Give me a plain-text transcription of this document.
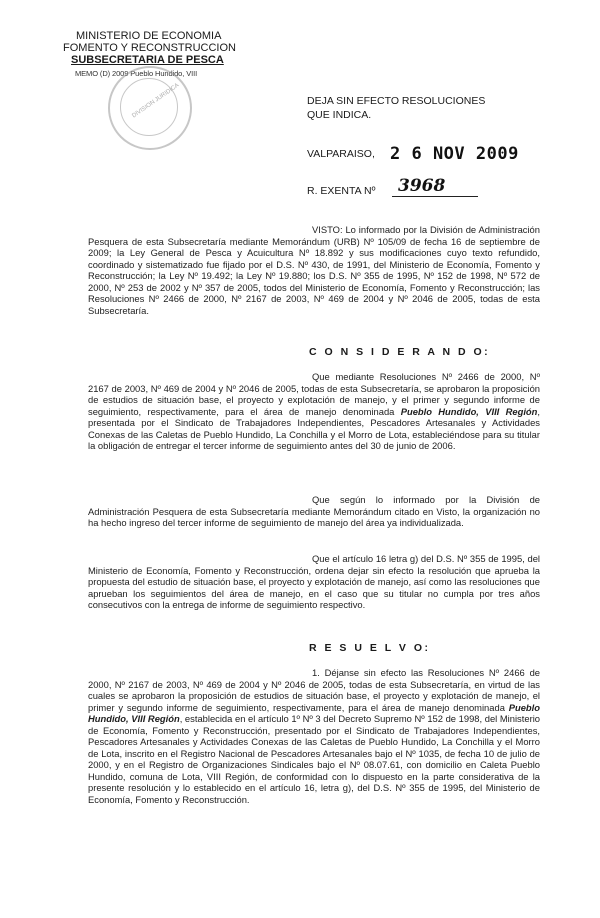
MINISTERIO DE ECONOMIA
FOMENTO Y RECONSTRUCCION
SUBSECRETARIA DE PESCA
MEMO (D) 2009 Pueblo Hundido, VIII
DIVISION JURIDICA	DEJA SIN EFECTO RESOLUCIONES QUE INDICA.
VALPARAISO, 2 6 NOV 2009
R. EXENTA Nº 3968
VISTO: Lo informado por la División de Administración Pesquera de esta Subsecretaría mediante Memorándum (URB) Nº 105/09 de fecha 16 de septiembre de 2009; la Ley General de Pesca y Acuicultura Nº 18.892 y sus modificaciones cuyo texto refundido, coordinado y sistematizado fue fijado por el D.S. Nº 430, de 1991, del Ministerio de Economía, Fomento y Reconstrucción; la Ley Nº 19.492; la Ley Nº 19.880; los D.S. Nº 355 de 1995, Nº 152 de 1998, Nº 572 de 2000, Nº 253 de 2002 y Nº 357 de 2005, todos del Ministerio de Economía, Fomento y Reconstrucción; las Resoluciones Nº 2466 de 2000, Nº 2167 de 2003, Nº 469 de 2004 y Nº 2046 de 2005, todas de esta Subsecretaría.
C O N S I D E R A N D O:
Que mediante Resoluciones Nº 2466 de 2000, Nº 2167 de 2003, Nº 469 de 2004 y Nº 2046 de 2005, todas de esta Subsecretaría, se aprobaron la proposición de estudios de situación base, el proyecto y explotación de manejo, y el primer y segundo informe de seguimiento, respectivamente, para el área de manejo denominada Pueblo Hundido, VIII Región, presentada por el Sindicato de Trabajadores Independientes, Pescadores Artesanales y Actividades Conexas de las Caletas de Pueblo Hundido, La Conchilla y el Morro de Lota, estableciéndose para su titular la obligación de entregar el tercer informe de seguimiento antes del 30 de junio de 2006.
Que según lo informado por la División de Administración Pesquera de esta Subsecretaría mediante Memorándum citado en Visto, la organización no ha hecho ingreso del tercer informe de seguimiento de manejo del área ya individualizada.
Que el artículo 16 letra g) del D.S. Nº 355 de 1995, del Ministerio de Economía, Fomento y Reconstrucción, ordena dejar sin efecto la resolución que aprueba la propuesta del estudio de situación base, el proyecto y explotación de manejo, así como las resoluciones que aprueban los seguimientos del área de manejo, en el caso que su titular no cumpla por tres años consecutivos con la entrega de informe de seguimiento respectivo.
R E S U E L V O:
1. Déjanse sin efecto las Resoluciones Nº 2466 de 2000, Nº 2167 de 2003, Nº 469 de 2004 y Nº 2046 de 2005, todas de esta Subsecretaría, en virtud de las cuales se aprobaron la proposición de estudios de situación base, el proyecto y explotación de manejo, el primer y segundo informe de seguimiento, respectivamente, para el área de manejo denominada Pueblo Hundido, VIII Región, establecida en el artículo 1º Nº 3 del Decreto Supremo Nº 152 de 1998, del Ministerio de Economía, Fomento y Reconstrucción, presentado por el Sindicato de Trabajadores Independientes, Pescadores Artesanales y Actividades Conexas de las Caletas de Pueblo Hundido, La Conchilla y el Morro de Lota, inscrito en el Registro Nacional de Pescadores Artesanales bajo el Nº 1035, de fecha 10 de julio de 2000, y en el Registro de Organizaciones Sindicales bajo el Nº 08.07.61, con domicilio en Caleta Pueblo Hundido, comuna de Lota, VIII Región, de conformidad con lo dispuesto en la parte considerativa de la presente resolución y lo establecido en el artículo 16, letra g), del D.S. Nº 355 de 1995, del Ministerio de Economía, Fomento y Reconstrucción.
